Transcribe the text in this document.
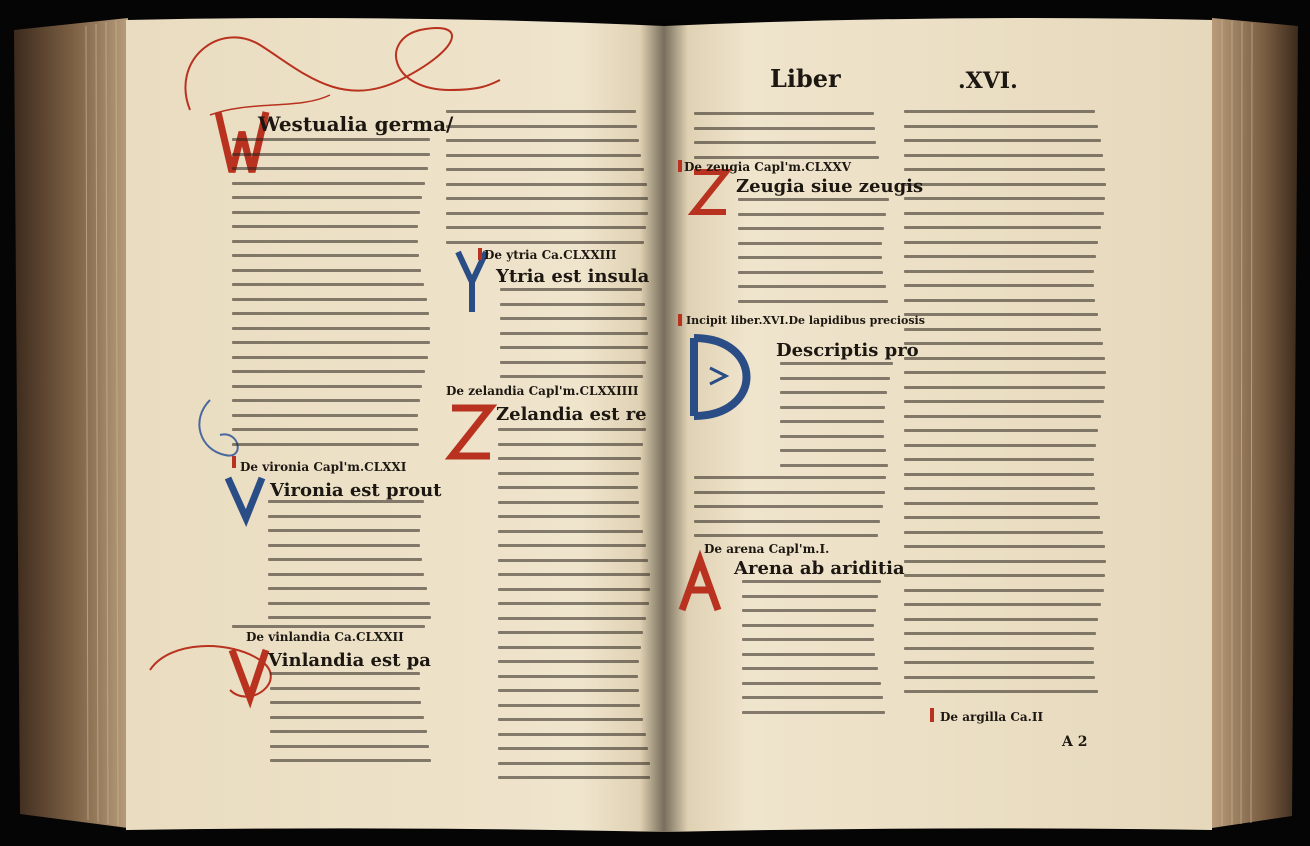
Liber	.XVI.
A 2
Westualia germa/
De vironia Capl'm.CLXXI
Vironia est prout
De vinlandia Ca.CLXXII
Vinlandia est pa
De ytria Ca.CLXXIII
Ytria est insula
De zelandia Capl'm.CLXXIIII
Zelandia est re
De zeugia Capl'm.CLXXV
Zeugia siue zeugis
Incipit liber.XVI.De lapidibus preciosis
Descriptis pro
De arena Capl'm.I.
Arena ab ariditia
De argilla Ca.II
